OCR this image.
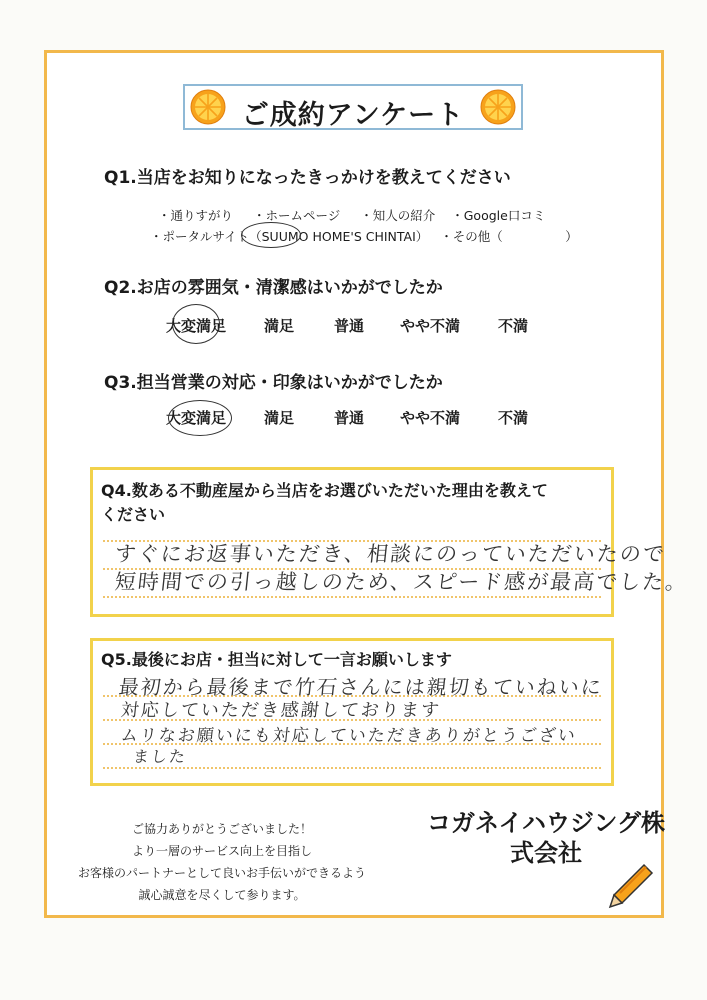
ご成約アンケート
Q1.当店をお知りになったきっかけを教えてください
・通りすがり ・ホームページ ・知人の紹介 ・Google口コミ
・ポータルサイト（SUUMO HOME'S CHINTAI） ・その他（　　　　　）
Q2.お店の雰囲気・清潔感はいかがでしたか
大変満足	満足	普通 やや不満	不満
Q3.担当営業の対応・印象はいかがでしたか
大変満足	満足	普通 やや不満	不満
Q4.数ある不動産屋から当店をお選びいただいた理由を教えて
ください
すぐにお返事いただき、相談にのっていただいたので
短時間での引っ越しのため、スピード感が最高でした。
Q5.最後にお店・担当に対して一言お願いします
最初から最後まで竹石さんには親切もていねいに
対応していただき感謝しております
ムリなお願いにも対応していただきありがとうござい
ました
ご協力ありがとうございました！
より一層のサービス向上を目指し
お客様のパートナーとして良いお手伝いができるよう
誠心誠意を尽くして参ります。
コガネイハウジング株
式会社
